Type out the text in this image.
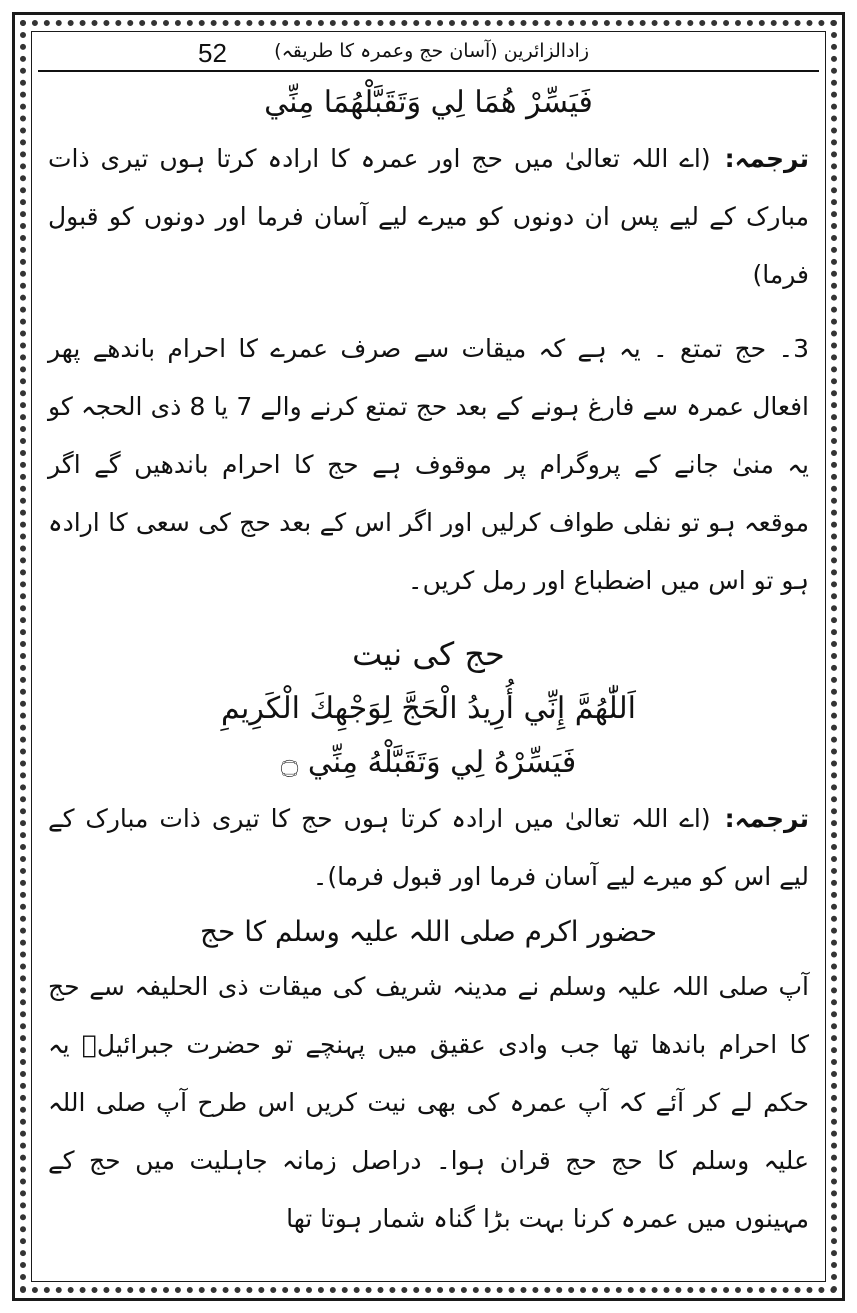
52 زادالزائرین (آسان حج وعمرہ کا طریقہ)

فَيَسِّرْ هُمَا لِي وَتَقَبَّلْهُمَا مِنِّي

ترجمہ:(اے اللہ تعالیٰ میں حج اور عمرہ کا ارادہ کرتا ہوں تیری ذات مبارک کے لیے پس ان دونوں کو میرے لیے آسان فرما اور دونوں کو قبول فرما)

3۔ حج تمتع ۔ یہ ہے کہ میقات سے صرف عمرے کا احرام باندھے پھر افعال عمرہ سے فارغ ہونے کے بعد حج تمتع کرنے والے 7 یا 8 ذی الحجہ کو یہ منیٰ جانے کے پروگرام پر موقوف ہے حج کا احرام باندھیں گے اگر موقعہ ہو تو نفلی طواف کرلیں اور اگر اس کے بعد حج کی سعی کا ارادہ ہو تو اس میں اضطباع اور رمل کریں۔

حج کی نیت

اَللّٰهُمَّ إِنِّي أُرِيدُ الْحَجَّ لِوَجْهِكَ الْكَرِيمِ

فَيَسِّرْهُ لِي وَتَقَبَّلْهُ مِنِّي ۝

ترجمہ:(اے اللہ تعالیٰ میں ارادہ کرتا ہوں حج کا تیری ذات مبارک کے لیے اس کو میرے لیے آسان فرما اور قبول فرما)۔

حضور اکرم صلی اللہ علیہ وسلم کا حج

آپ صلی اللہ علیہ وسلم نے مدینہ شریف کی میقات ذی الحلیفہ سے حج کا احرام باندھا تھا جب وادی عقیق میں پہنچے تو حضرت جبرائیلؑ یہ حکم لے کر آئے کہ آپ عمرہ کی بھی نیت کریں اس طرح آپ صلی اللہ علیہ وسلم کا حج حج قران ہوا۔ دراصل زمانہ جاہلیت میں حج کے مہینوں میں عمرہ کرنا بہت بڑا گناہ شمار ہوتا تھا
